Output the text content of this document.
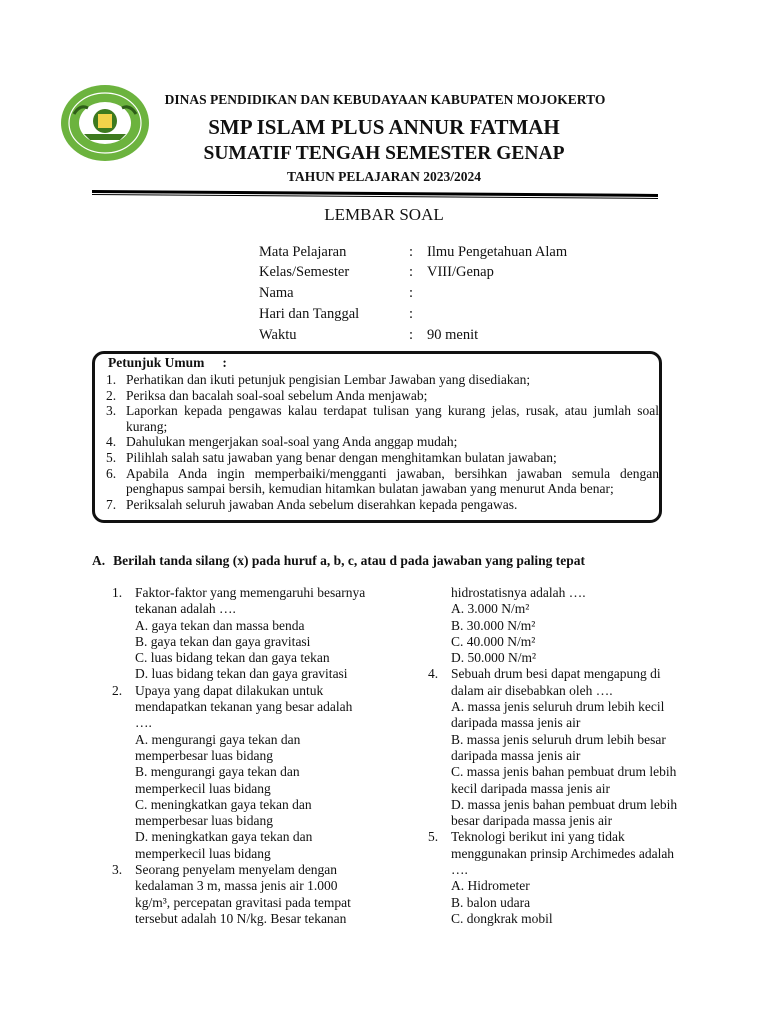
DINAS PENDIDIKAN DAN KEBUDAYAAN KABUPATEN MOJOKERTO
SMP ISLAM PLUS ANNUR FATMAH
SUMATIF TENGAH SEMESTER GENAP
TAHUN PELAJARAN 2023/2024
LEMBAR SOAL
Mata Pelajaran	: Ilmu Pengetahuan Alam
Kelas/Semester	: VIII/Genap
Nama	:
Hari dan Tanggal	:
Waktu	: 90 menit
Petunjuk Umum :
1. Perhatikan dan ikuti petunjuk pengisian Lembar Jawaban yang disediakan;
2. Periksa dan bacalah soal-soal sebelum Anda menjawab;
3. Laporkan kepada pengawas kalau terdapat tulisan yang kurang jelas, rusak, atau jumlah soal kurang;
4. Dahulukan mengerjakan soal-soal yang Anda anggap mudah;
5. Pilihlah salah satu jawaban yang benar dengan menghitamkan bulatan jawaban;
6. Apabila Anda ingin memperbaiki/mengganti jawaban, bersihkan jawaban semula dengan penghapus sampai bersih, kemudian hitamkan bulatan jawaban yang menurut Anda benar;
7. Periksalah seluruh jawaban Anda sebelum diserahkan kepada pengawas.
A. Berilah tanda silang (x) pada huruf a, b, c, atau d pada jawaban yang paling tepat
1. Faktor-faktor yang memengaruhi besarnya tekanan adalah ….
A. gaya tekan dan massa benda
B. gaya tekan dan gaya gravitasi
C. luas bidang tekan dan gaya tekan
D. luas bidang tekan dan gaya gravitasi
2. Upaya yang dapat dilakukan untuk mendapatkan tekanan yang besar adalah ….
A. mengurangi gaya tekan dan memperbesar luas bidang
B. mengurangi gaya tekan dan memperkecil luas bidang
C. meningkatkan gaya tekan dan memperbesar luas bidang
D. meningkatkan gaya tekan dan memperkecil luas bidang
3. Seorang penyelam menyelam dengan kedalaman 3 m, massa jenis air 1.000 kg/m³, percepatan gravitasi pada tempat tersebut adalah 10 N/kg. Besar tekanan
hidrostatisnya adalah ….
A. 3.000 N/m²
B. 30.000 N/m²
C. 40.000 N/m²
D. 50.000 N/m²
4. Sebuah drum besi dapat mengapung di dalam air disebabkan oleh ….
A. massa jenis seluruh drum lebih kecil daripada massa jenis air
B. massa jenis seluruh drum lebih besar daripada massa jenis air
C. massa jenis bahan pembuat drum lebih kecil daripada massa jenis air
D. massa jenis bahan pembuat drum lebih besar daripada massa jenis air
5. Teknologi berikut ini yang tidak menggunakan prinsip Archimedes adalah ….
A. Hidrometer
B. balon udara
C. dongkrak mobil
